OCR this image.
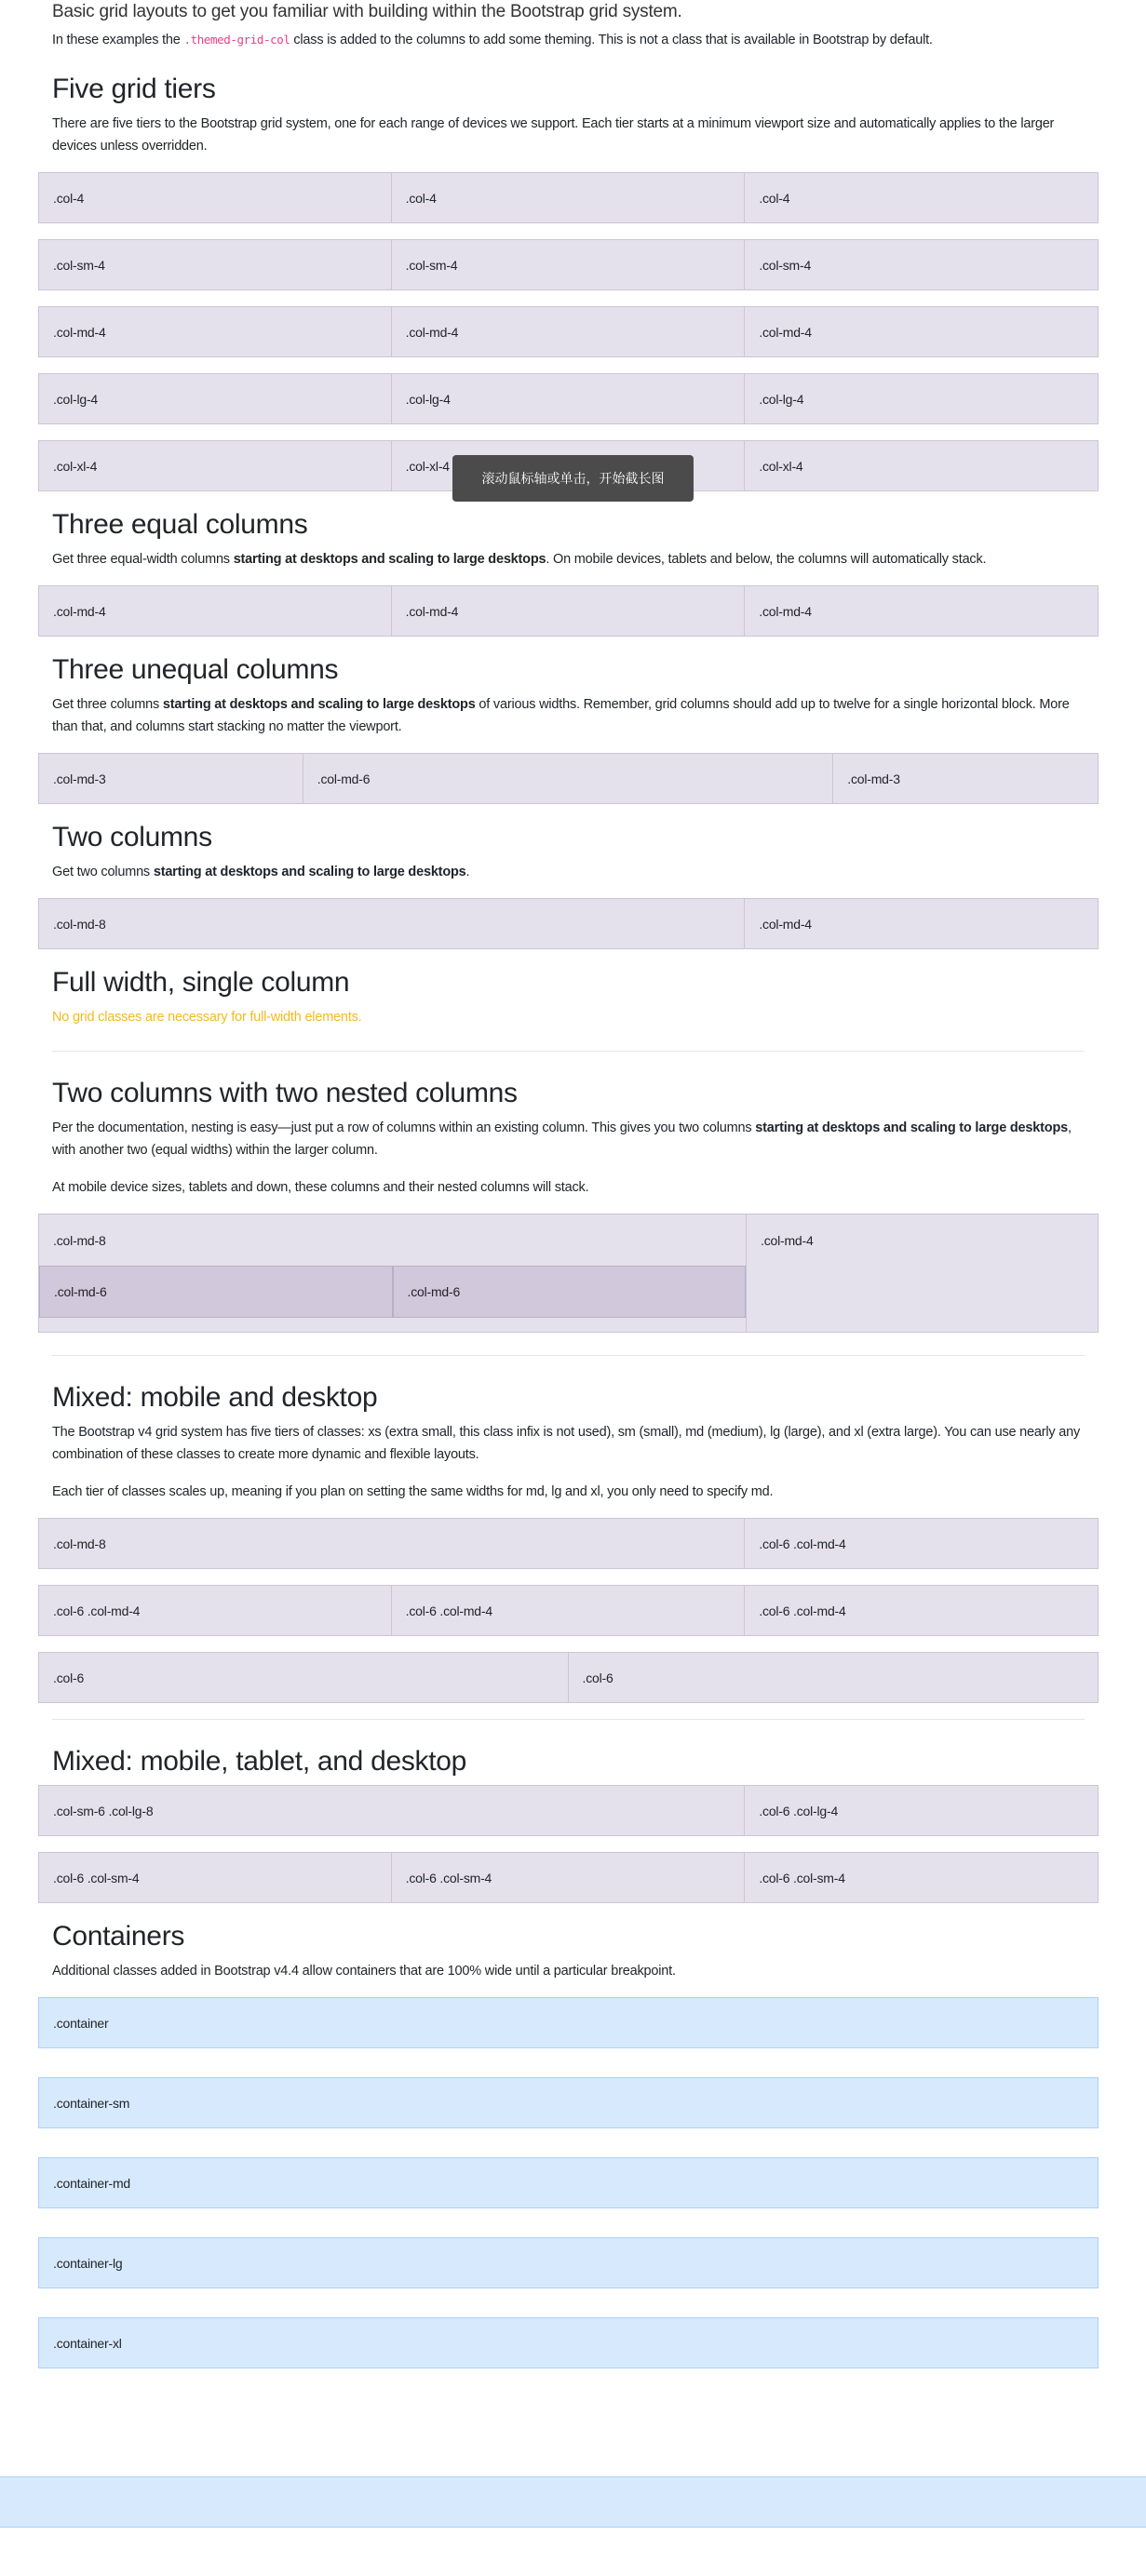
Basic grid layouts to get you familiar with building within the Bootstrap grid system.

In these examples the .themed-grid-col class is added to the columns to add some theming. This is not a class that is available in Bootstrap by default.

Five grid tiers

There are five tiers to the Bootstrap grid system, one for each range of devices we support. Each tier starts at a minimum viewport size and automatically applies to the larger devices unless overridden.

.col-4	.col-4	.col-4
.col-sm-4	.col-sm-4	.col-sm-4
.col-md-4	.col-md-4	.col-md-4
.col-lg-4	.col-lg-4	.col-lg-4
.col-xl-4	.col-xl-4	.col-xl-4
Three equal columns

Get three equal-width columns starting at desktops and scaling to large desktops. On mobile devices, tablets and below, the columns will automatically stack.

.col-md-4	.col-md-4	.col-md-4
Three unequal columns

Get three columns starting at desktops and scaling to large desktops of various widths. Remember, grid columns should add up to twelve for a single horizontal block. More than that, and columns start stacking no matter the viewport.

.col-md-3	.col-md-6	.col-md-3
Two columns

Get two columns starting at desktops and scaling to large desktops.

.col-md-8	.col-md-4
Full width, single column

No grid classes are necessary for full-width elements.

Two columns with two nested columns

Per the documentation, nesting is easy—just put a row of columns within an existing column. This gives you two columns starting at desktops and scaling to large desktops, with another two (equal widths) within the larger column.

At mobile device sizes, tablets and down, these columns and their nested columns will stack.

.col-md-8
.col-md-6	.col-md-6
.col-md-4
Mixed: mobile and desktop

The Bootstrap v4 grid system has five tiers of classes: xs (extra small, this class infix is not used), sm (small), md (medium), lg (large), and xl (extra large). You can use nearly any combination of these classes to create more dynamic and flexible layouts.

Each tier of classes scales up, meaning if you plan on setting the same widths for md, lg and xl, you only need to specify md.

.col-md-8	.col-6 .col-md-4
.col-6 .col-md-4	.col-6 .col-md-4	.col-6 .col-md-4
.col-6	.col-6
Mixed: mobile, tablet, and desktop
.col-sm-6 .col-lg-8	.col-6 .col-lg-4
.col-6 .col-sm-4	.col-6 .col-sm-4	.col-6 .col-sm-4
Containers

Additional classes added in Bootstrap v4.4 allow containers that are 100% wide until a particular breakpoint.

.container
.container-sm
.container-md
.container-lg
.container-xl
滚动鼠标轴或单击，开始截长图
